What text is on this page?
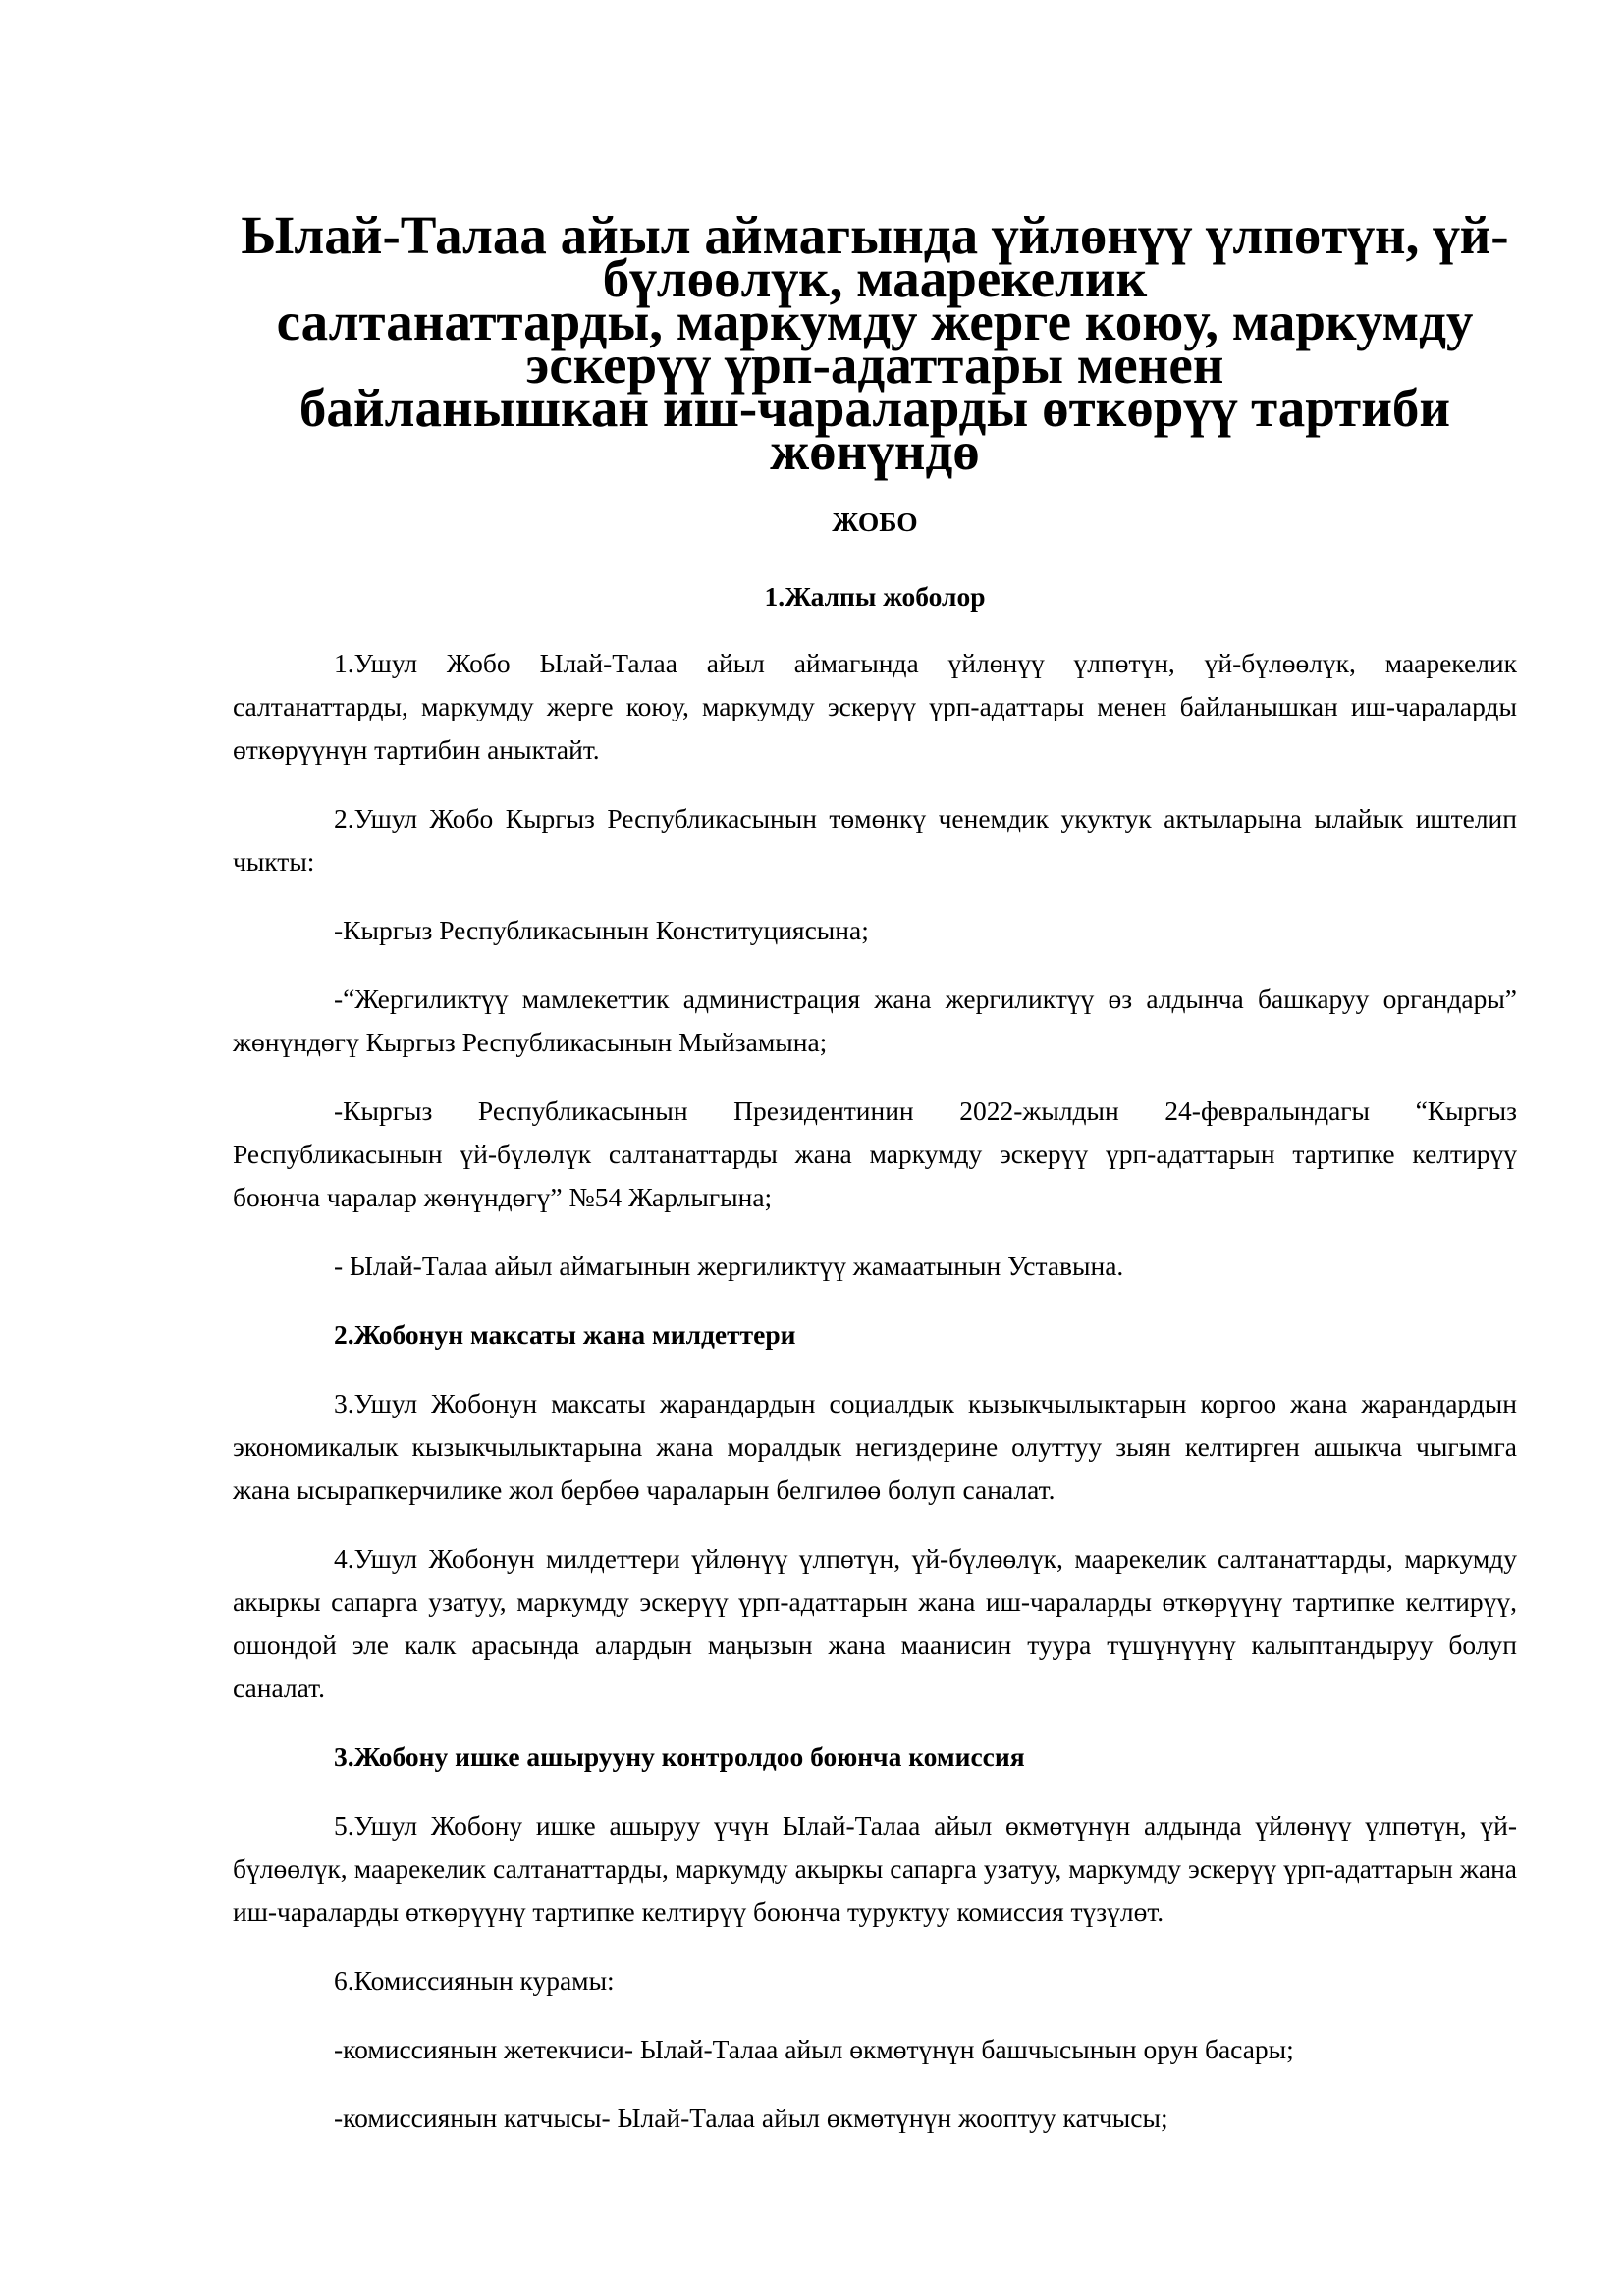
Ылай-Талаа айыл аймагында үйлөнүү үлпөтүн, үй-бүлөөлүк, маарекелик
салтанаттарды, маркумду жерге коюу, маркумду эскерүү үрп-адаттары менен
байланышкан иш-чараларды өткөрүү тартиби жөнүндө

ЖОБО

1.Жалпы жоболор

1.Ушул Жобо Ылай-Талаа айыл аймагында үйлөнүү үлпөтүн, үй-бүлөөлүк, маарекелик салтанаттарды, маркумду жерге коюу, маркумду эскерүү үрп-адаттары менен байланышкан иш-чараларды өткөрүүнүн тартибин аныктайт.

2.Ушул Жобо Кыргыз Республикасынын төмөнкү ченемдик укуктук актыларына ылайык иштелип чыкты:

-Кыргыз Республикасынын Конституциясына;

-“Жергиликтүү мамлекеттик администрация жана жергиликтүү өз алдынча башкаруу органдары” жөнүндөгү Кыргыз Республикасынын Мыйзамына;

-Кыргыз Республикасынын Президентинин 2022-жылдын 24-февралындагы “Кыргыз Республикасынын үй-бүлөлүк салтанаттарды жана маркумду эскерүү үрп-адаттарын тартипке келтирүү боюнча чаралар жөнүндөгү” №54 Жарлыгына;

- Ылай-Талаа айыл аймагынын жергиликтүү жамаатынын Уставына.

2.Жобонун максаты жана милдеттери

3.Ушул Жобонун максаты жарандардын социалдык кызыкчылыктарын коргоо жана жарандардын экономикалык кызыкчылыктарына жана моралдык негиздерине олуттуу зыян келтирген ашыкча чыгымга жана ысырапкерчилике жол бербөө чараларын белгилөө болуп саналат.

4.Ушул Жобонун милдеттери үйлөнүү үлпөтүн, үй-бүлөөлүк, маарекелик салтанаттарды, маркумду акыркы сапарга узатуу, маркумду эскерүү үрп-адаттарын жана иш-чараларды өткөрүүнү тартипке келтирүү, ошондой эле калк арасында алардын маңызын жана маанисин туура түшүнүүнү калыптандыруу болуп саналат.

3.Жобону ишке ашырууну контролдоо боюнча комиссия

5.Ушул Жобону ишке ашыруу үчүн Ылай-Талаа айыл өкмөтүнүн алдында үйлөнүү үлпөтүн, үй-бүлөөлүк, маарекелик салтанаттарды, маркумду акыркы сапарга узатуу, маркумду эскерүү үрп-адаттарын жана иш-чараларды өткөрүүнү тартипке келтирүү боюнча туруктуу комиссия түзүлөт.

6.Комиссиянын курамы:

-комиссиянын жетекчиси- Ылай-Талаа айыл өкмөтүнүн башчысынын орун басары;

-комиссиянын катчысы- Ылай-Талаа айыл өкмөтүнүн жооптуу катчысы;
